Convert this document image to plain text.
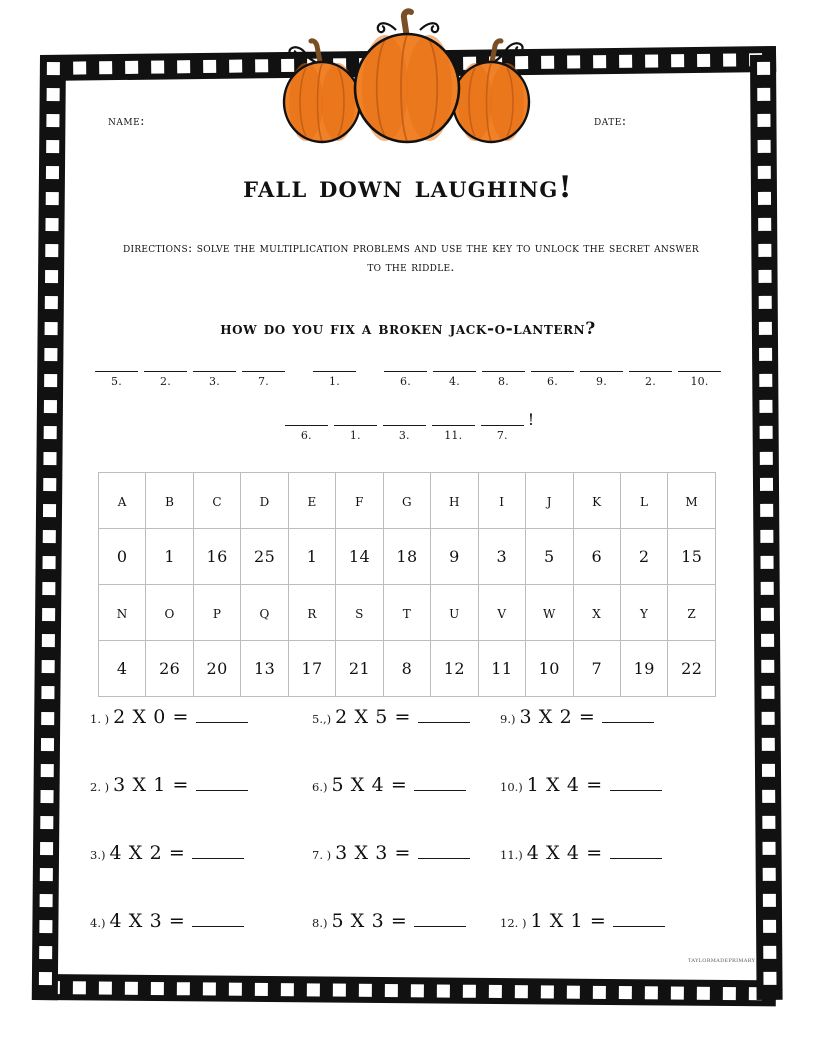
name:	date:
fall down laughing!
directions: solve the multiplication problems and use the key to unlock the secret answer to the riddle.
how do you fix a broken jack-o-lantern?
5.	2.	3.	7.	1.	6.	4.	8.	6.	9.	2.	10.
6.	1.	3.	11.	7.
!
a	b	c	d	e	f	g	h	i	j	k	l	m
0	1	16	25	1	14	18	9	3	5	6	2	15
n	o	p	q	r	s	t	u	v	w	x	y	z
4	26	20	13	17	21	8	12	11	10	7	19	22
1. ) 2 X 0 =
2. ) 3 X 1 =
3.) 4 X 2 =
4.) 4 X 3 =
5.,) 2 X 5 =
6.) 5 X 4 =
7. ) 3 X 3 =
8.) 5 X 3 =
9.) 3 X 2 =
10.) 1 X 4 =
11.) 4 X 4 =
12. ) 1 X 1 =
taylormadeprimary
